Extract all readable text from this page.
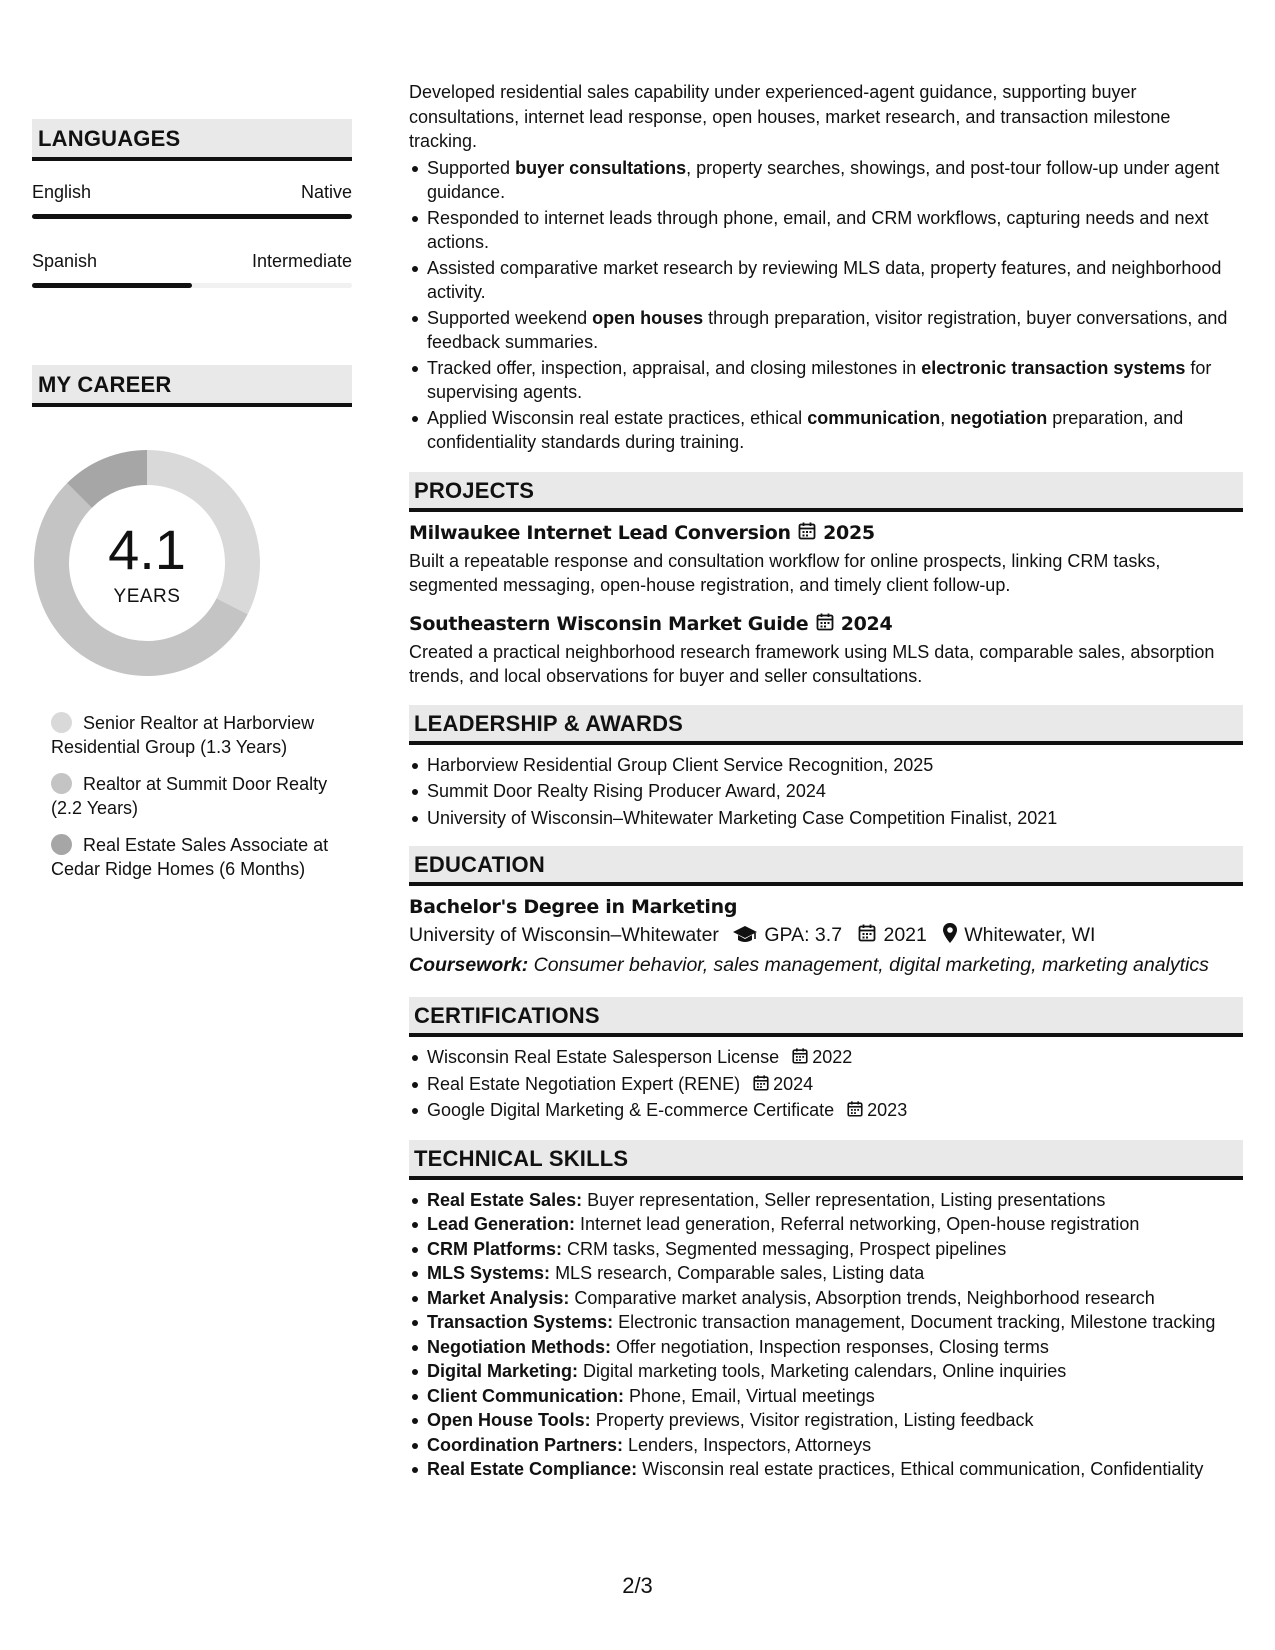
LANGUAGES
English	Native
Spanish	Intermediate
MY CAREER
4.1
YEARS
Senior Realtor at Harborview Residential Group (1.3 Years)
Realtor at Summit Door Realty (2.2 Years)
Real Estate Sales Associate at Cedar Ridge Homes (6 Months)
Developed residential sales capability under experienced-agent guidance, supporting buyer consultations, internet lead response, open houses, market research, and transaction milestone tracking.
Supported buyer consultations, property searches, showings, and post-tour follow-up under agent guidance.
Responded to internet leads through phone, email, and CRM workflows, capturing needs and next actions.
Assisted comparative market research by reviewing MLS data, property features, and neighborhood activity.
Supported weekend open houses through preparation, visitor registration, buyer conversations, and feedback summaries.
Tracked offer, inspection, appraisal, and closing milestones in electronic transaction systems for supervising agents.
Applied Wisconsin real estate practices, ethical communication, negotiation preparation, and confidentiality standards during training.
PROJECTS
Milwaukee Internet Lead Conversion 2025
Built a repeatable response and consultation workflow for online prospects, linking CRM tasks, segmented messaging, open-house registration, and timely client follow-up.
Southeastern Wisconsin Market Guide 2024
Created a practical neighborhood research framework using MLS data, comparable sales, absorption trends, and local observations for buyer and seller consultations.
LEADERSHIP & AWARDS
Harborview Residential Group Client Service Recognition, 2025
Summit Door Realty Rising Producer Award, 2024
University of Wisconsin–Whitewater Marketing Case Competition Finalist, 2021
EDUCATION
Bachelor's Degree in Marketing
University of Wisconsin–Whitewater GPA: 3.7 2021 Whitewater, WI
Coursework: Consumer behavior, sales management, digital marketing, marketing analytics
CERTIFICATIONS
Wisconsin Real Estate Salesperson License 2022
Real Estate Negotiation Expert (RENE) 2024
Google Digital Marketing & E-commerce Certificate 2023
TECHNICAL SKILLS
Real Estate Sales: Buyer representation, Seller representation, Listing presentations
Lead Generation: Internet lead generation, Referral networking, Open-house registration
CRM Platforms: CRM tasks, Segmented messaging, Prospect pipelines
MLS Systems: MLS research, Comparable sales, Listing data
Market Analysis: Comparative market analysis, Absorption trends, Neighborhood research
Transaction Systems: Electronic transaction management, Document tracking, Milestone tracking
Negotiation Methods: Offer negotiation, Inspection responses, Closing terms
Digital Marketing: Digital marketing tools, Marketing calendars, Online inquiries
Client Communication: Phone, Email, Virtual meetings
Open House Tools: Property previews, Visitor registration, Listing feedback
Coordination Partners: Lenders, Inspectors, Attorneys
Real Estate Compliance: Wisconsin real estate practices, Ethical communication, Confidentiality
2/3
